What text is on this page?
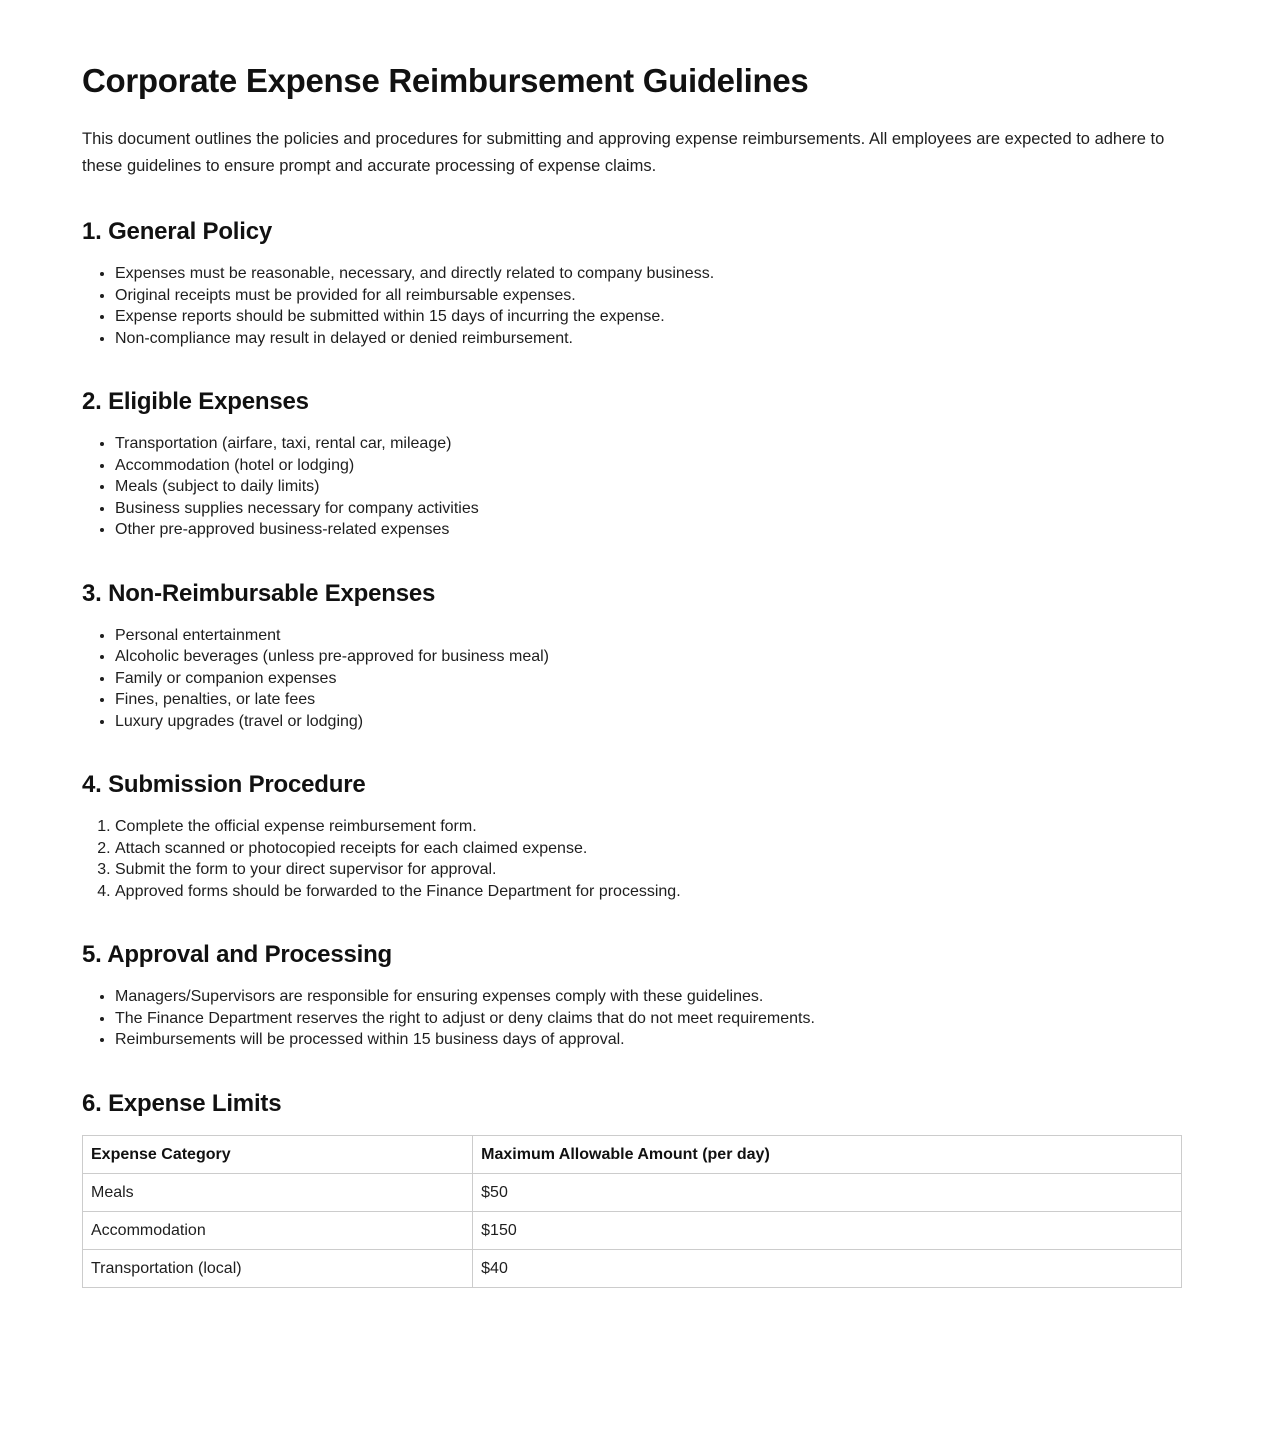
Corporate Expense Reimbursement Guidelines

This document outlines the policies and procedures for submitting and approving expense reimbursements. All employees are expected to adhere to these guidelines to ensure prompt and accurate processing of expense claims.

1. General Policy
• Expenses must be reasonable, necessary, and directly related to company business.
• Original receipts must be provided for all reimbursable expenses.
• Expense reports should be submitted within 15 days of incurring the expense.
• Non-compliance may result in delayed or denied reimbursement.
2. Eligible Expenses
• Transportation (airfare, taxi, rental car, mileage)
• Accommodation (hotel or lodging)
• Meals (subject to daily limits)
• Business supplies necessary for company activities
• Other pre-approved business-related expenses
3. Non-Reimbursable Expenses
• Personal entertainment
• Alcoholic beverages (unless pre-approved for business meal)
• Family or companion expenses
• Fines, penalties, or late fees
• Luxury upgrades (travel or lodging)
4. Submission Procedure
1. Complete the official expense reimbursement form.
2. Attach scanned or photocopied receipts for each claimed expense.
3. Submit the form to your direct supervisor for approval.
4. Approved forms should be forwarded to the Finance Department for processing.
5. Approval and Processing
• Managers/Supervisors are responsible for ensuring expenses comply with these guidelines.
• The Finance Department reserves the right to adjust or deny claims that do not meet requirements.
• Reimbursements will be processed within 15 business days of approval.
6. Expense Limits
Expense Category	Maximum Allowable Amount (per day)
Meals	$50
Accommodation	$150
Transportation (local)	$40
